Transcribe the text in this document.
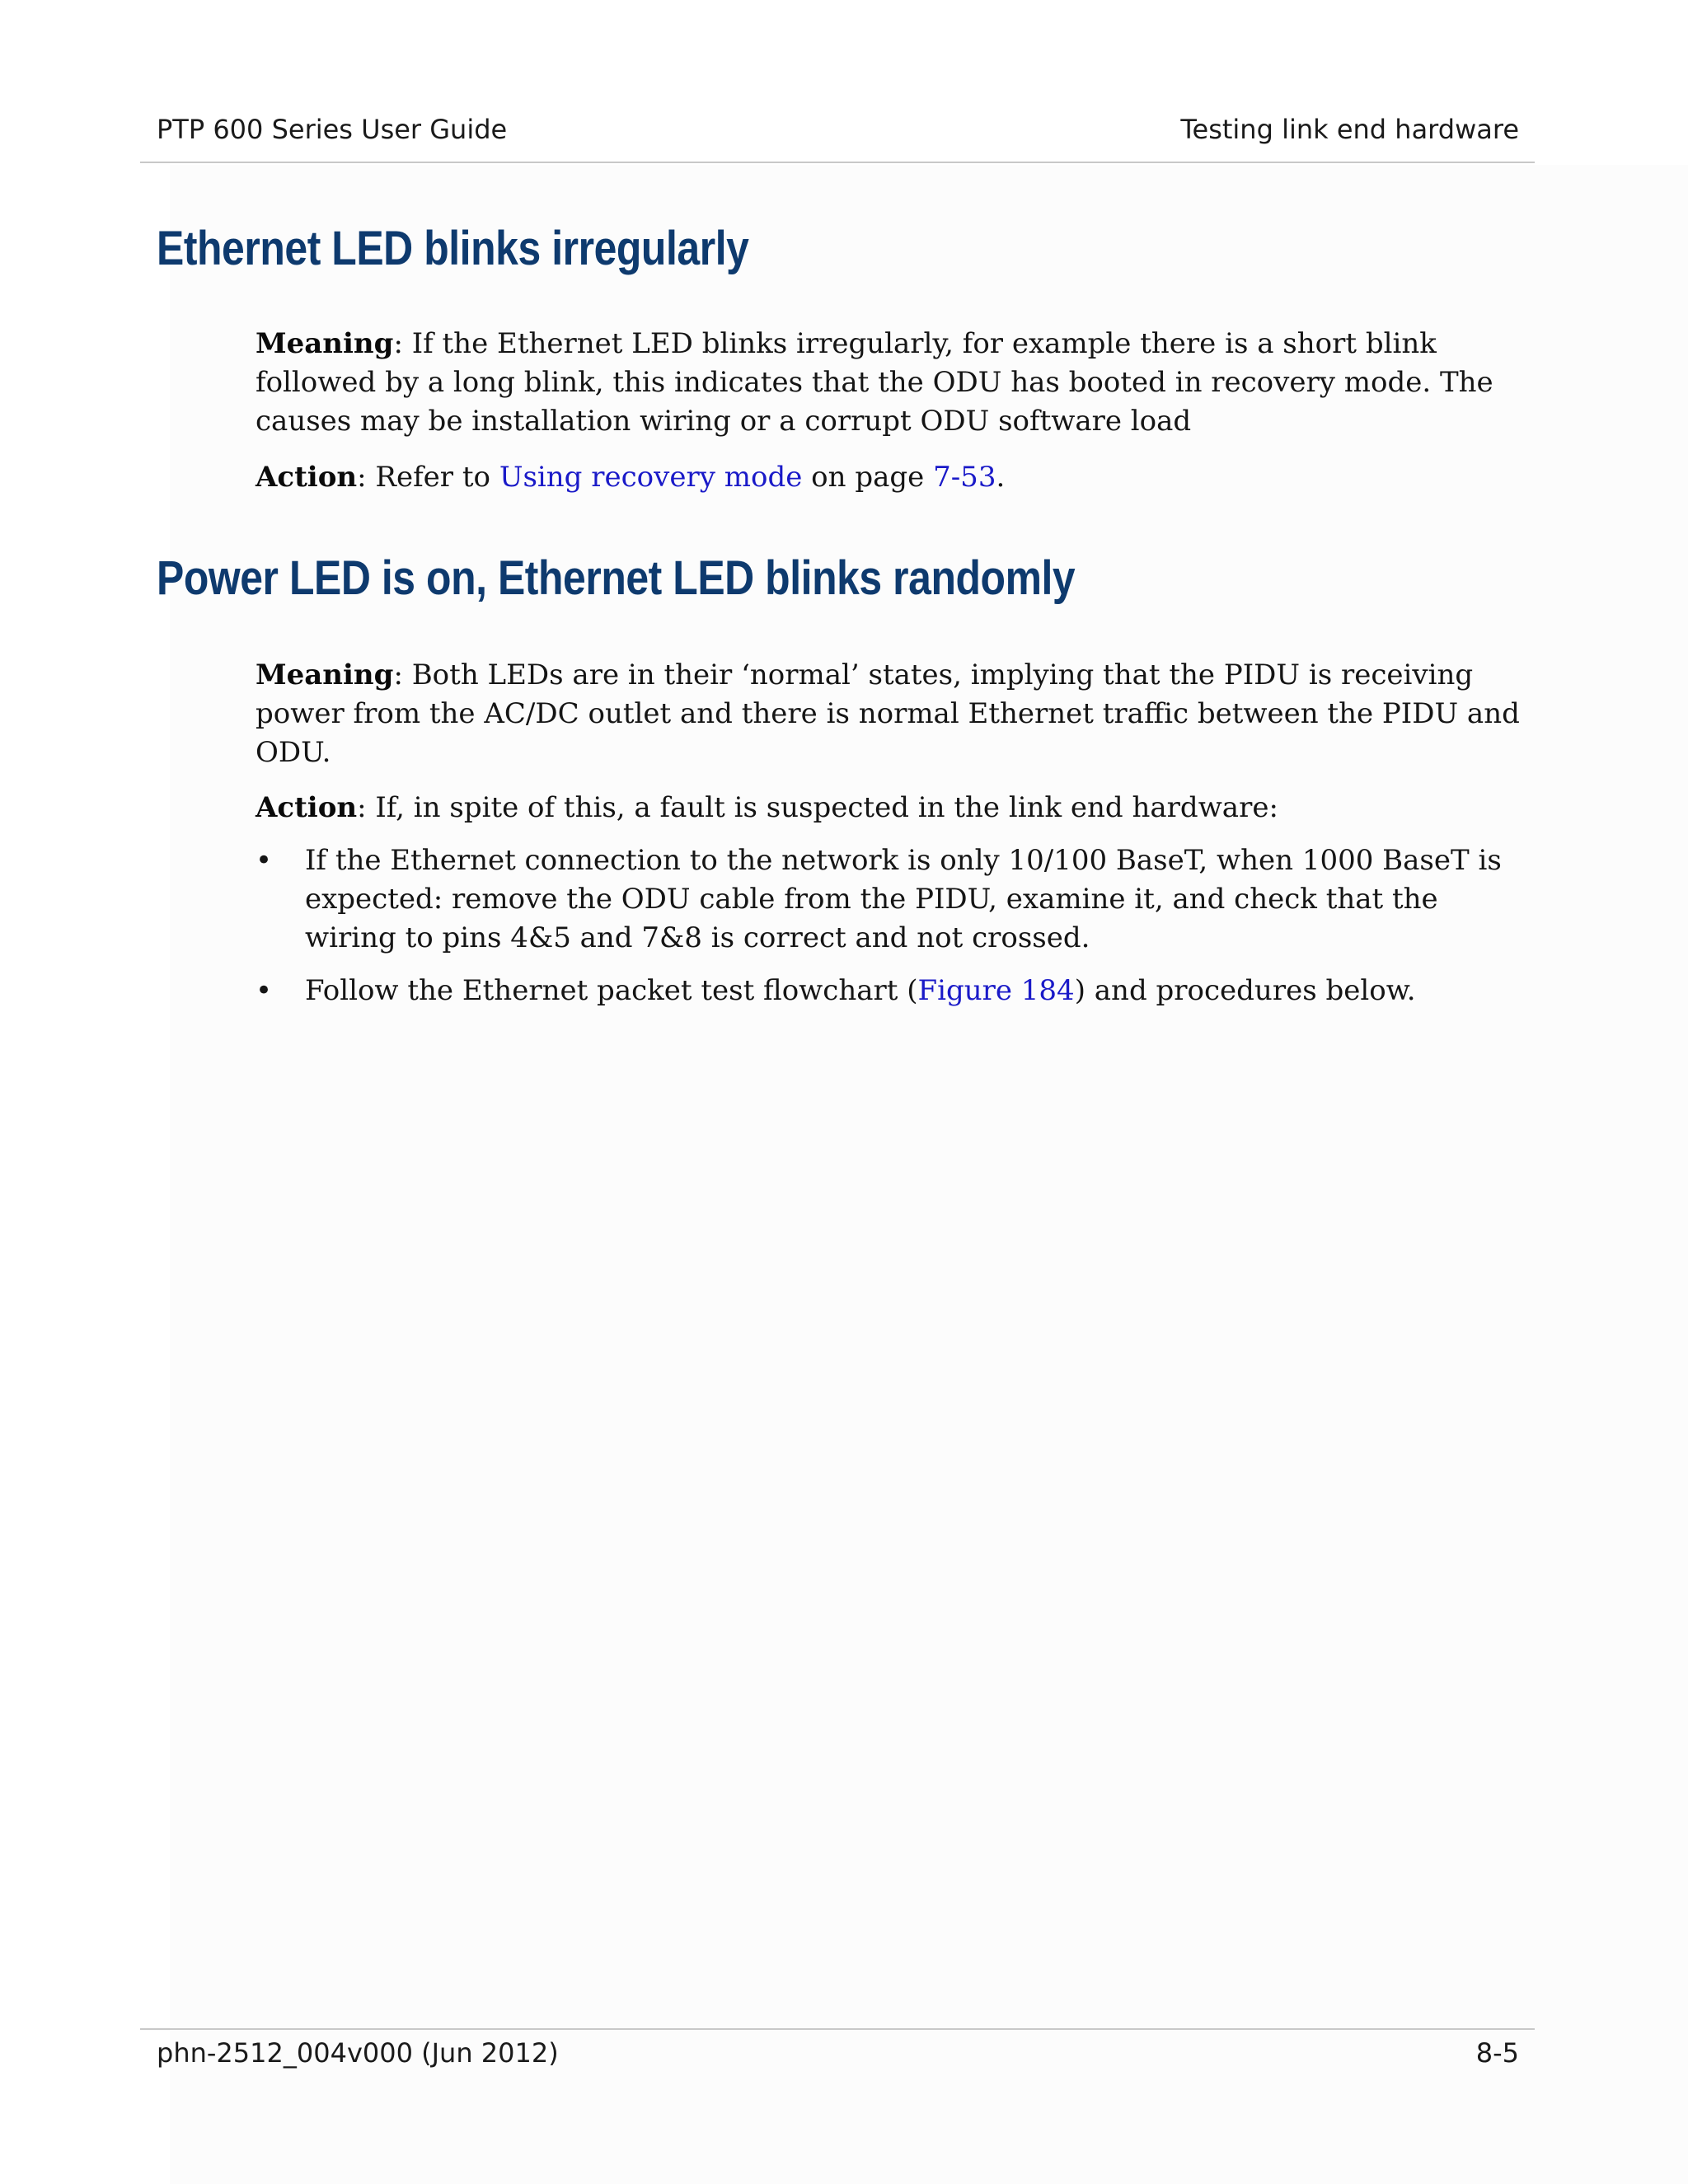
PTP 600 Series User Guide	Testing link end hardware
Ethernet LED blinks irregularly

Meaning: If the Ethernet LED blinks irregularly, for example there is a short blink followed by a long blink, this indicates that the ODU has booted in recovery mode. The causes may be installation wiring or a corrupt ODU software load

Action: Refer to Using recovery mode on page 7-53.

Power LED is on, Ethernet LED blinks randomly

Meaning: Both LEDs are in their ‘normal’ states, implying that the PIDU is receiving power from the AC/DC outlet and there is normal Ethernet traffic between the PIDU and ODU.

Action: If, in spite of this, a fault is suspected in the link end hardware:

• If the Ethernet connection to the network is only 10/100 BaseT, when 1000 BaseT is expected: remove the ODU cable from the PIDU, examine it, and check that the wiring to pins 4&5 and 7&8 is correct and not crossed.
• Follow the Ethernet packet test flowchart (Figure 184) and procedures below.
phn-2512_004v000 (Jun 2012)	8-5
